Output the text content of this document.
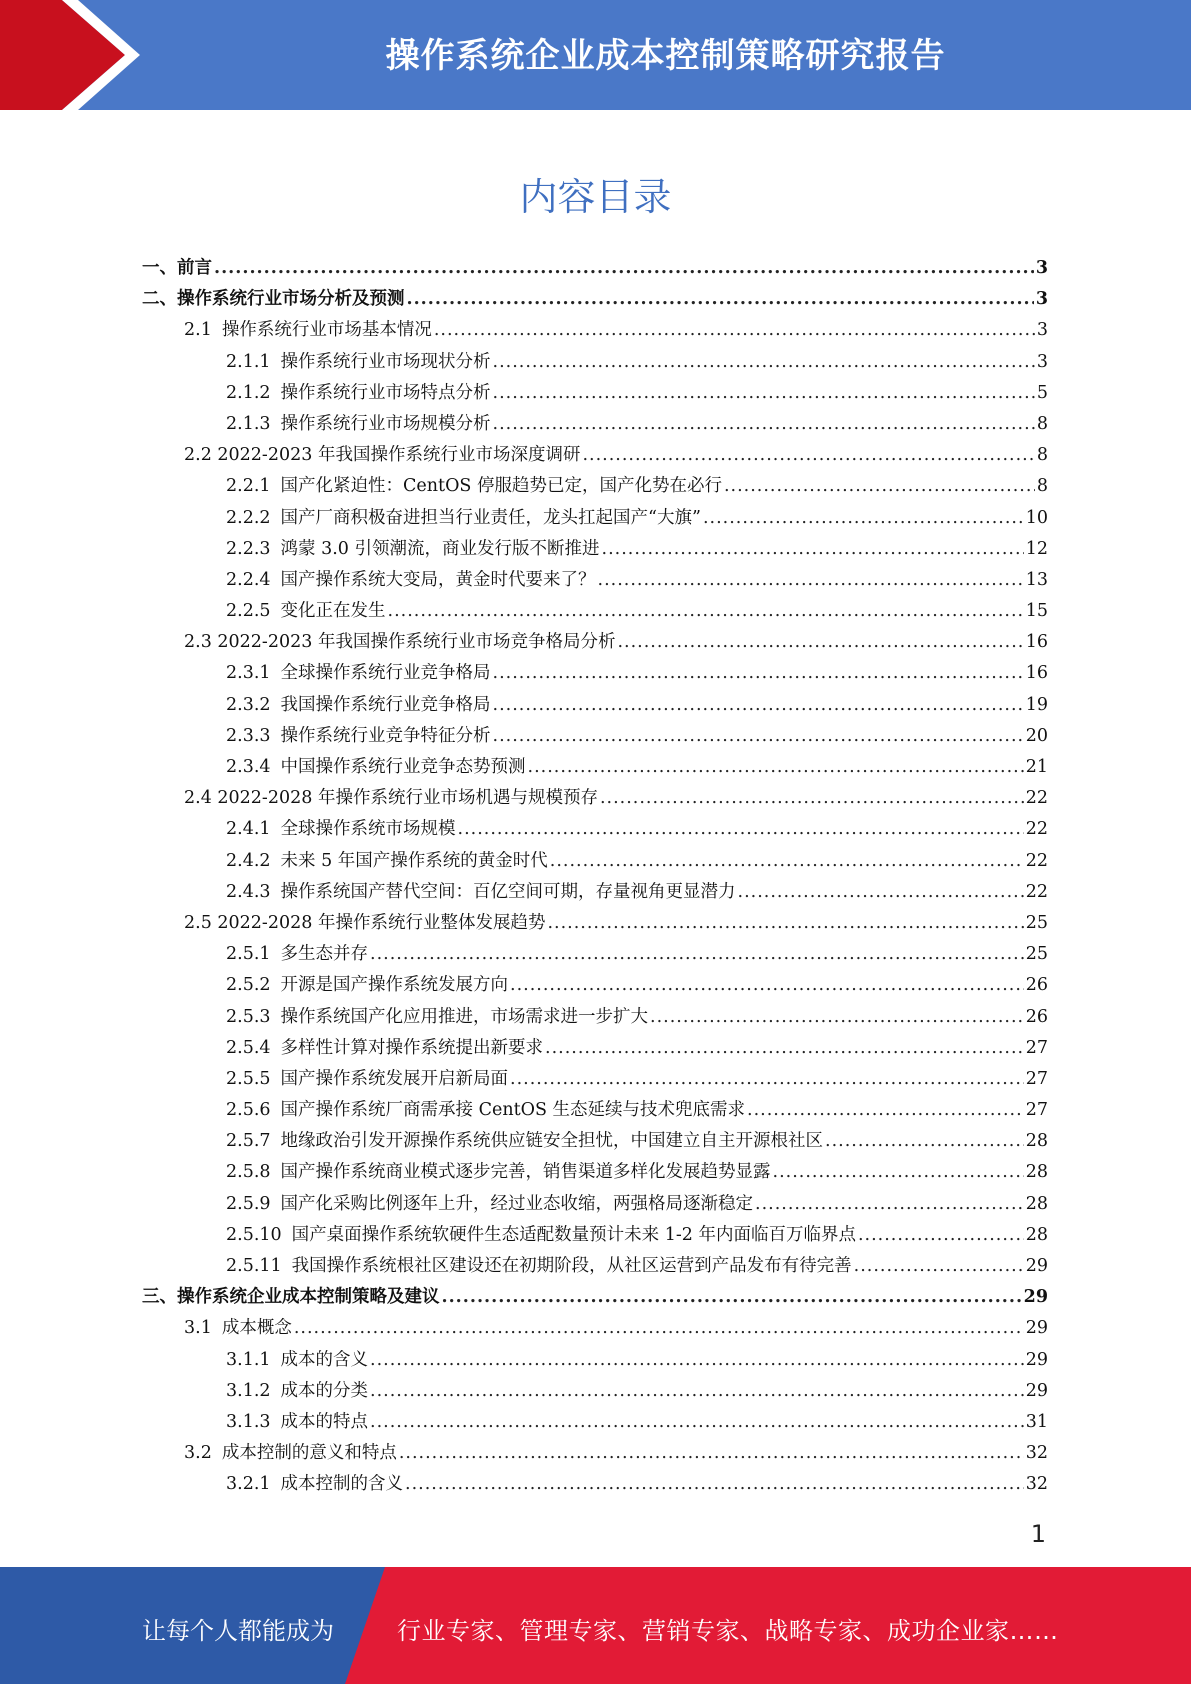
操作系统企业成本控制策略研究报告
内容目录
一、前言 .....	3
二、操作系统行业市场分析及预测 .....	3
2.1 操作系统行业市场基本情况 .....	3
2.1.1 操作系统行业市场现状分析 .....	3
2.1.2 操作系统行业市场特点分析 .....	5
2.1.3 操作系统行业市场规模分析 .....	8
2.2 2022-2023 年我国操作系统行业市场深度调研 .....	8
2.2.1 国产化紧迫性：CentOS 停服趋势已定，国产化势在必行 .....	8
2.2.2 国产厂商积极奋进担当行业责任，龙头扛起国产“大旗” .....	10
2.2.3 鸿蒙 3.0 引领潮流，商业发行版不断推进 .....	12
2.2.4 国产操作系统大变局，黄金时代要来了？ .....	13
2.2.5 变化正在发生 .....	15
2.3 2022-2023 年我国操作系统行业市场竞争格局分析 .....	16
2.3.1 全球操作系统行业竞争格局 .....	16
2.3.2 我国操作系统行业竞争格局 .....	19
2.3.3 操作系统行业竞争特征分析 .....	20
2.3.4 中国操作系统行业竞争态势预测 .....	21
2.4 2022-2028 年操作系统行业市场机遇与规模预存 .....	22
2.4.1 全球操作系统市场规模 .....	22
2.4.2 未来 5 年国产操作系统的黄金时代 .....	22
2.4.3 操作系统国产替代空间：百亿空间可期，存量视角更显潜力 .....	22
2.5 2022-2028 年操作系统行业整体发展趋势 .....	25
2.5.1 多生态并存 .....	25
2.5.2 开源是国产操作系统发展方向 .....	26
2.5.3 操作系统国产化应用推进，市场需求进一步扩大 .....	26
2.5.4 多样性计算对操作系统提出新要求 .....	27
2.5.5 国产操作系统发展开启新局面 .....	27
2.5.6 国产操作系统厂商需承接 CentOS 生态延续与技术兜底需求 .....	27
2.5.7 地缘政治引发开源操作系统供应链安全担忧，中国建立自主开源根社区 .....	28
2.5.8 国产操作系统商业模式逐步完善，销售渠道多样化发展趋势显露 .....	28
2.5.9 国产化采购比例逐年上升，经过业态收缩，两强格局逐渐稳定 .....	28
2.5.10 国产桌面操作系统软硬件生态适配数量预计未来 1-2 年内面临百万临界点 .....	28
2.5.11 我国操作系统根社区建设还在初期阶段，从社区运营到产品发布有待完善 .....	29
三、操作系统企业成本控制策略及建议 .....	29
3.1 成本概念 .....	29
3.1.1 成本的含义 .....	29
3.1.2 成本的分类 .....	29
3.1.3 成本的特点 .....	31
3.2 成本控制的意义和特点 .....	32
3.2.1 成本控制的含义 .....	32
1
让每个人都能成为	行业专家、管理专家、营销专家、战略专家、成功企业家……
